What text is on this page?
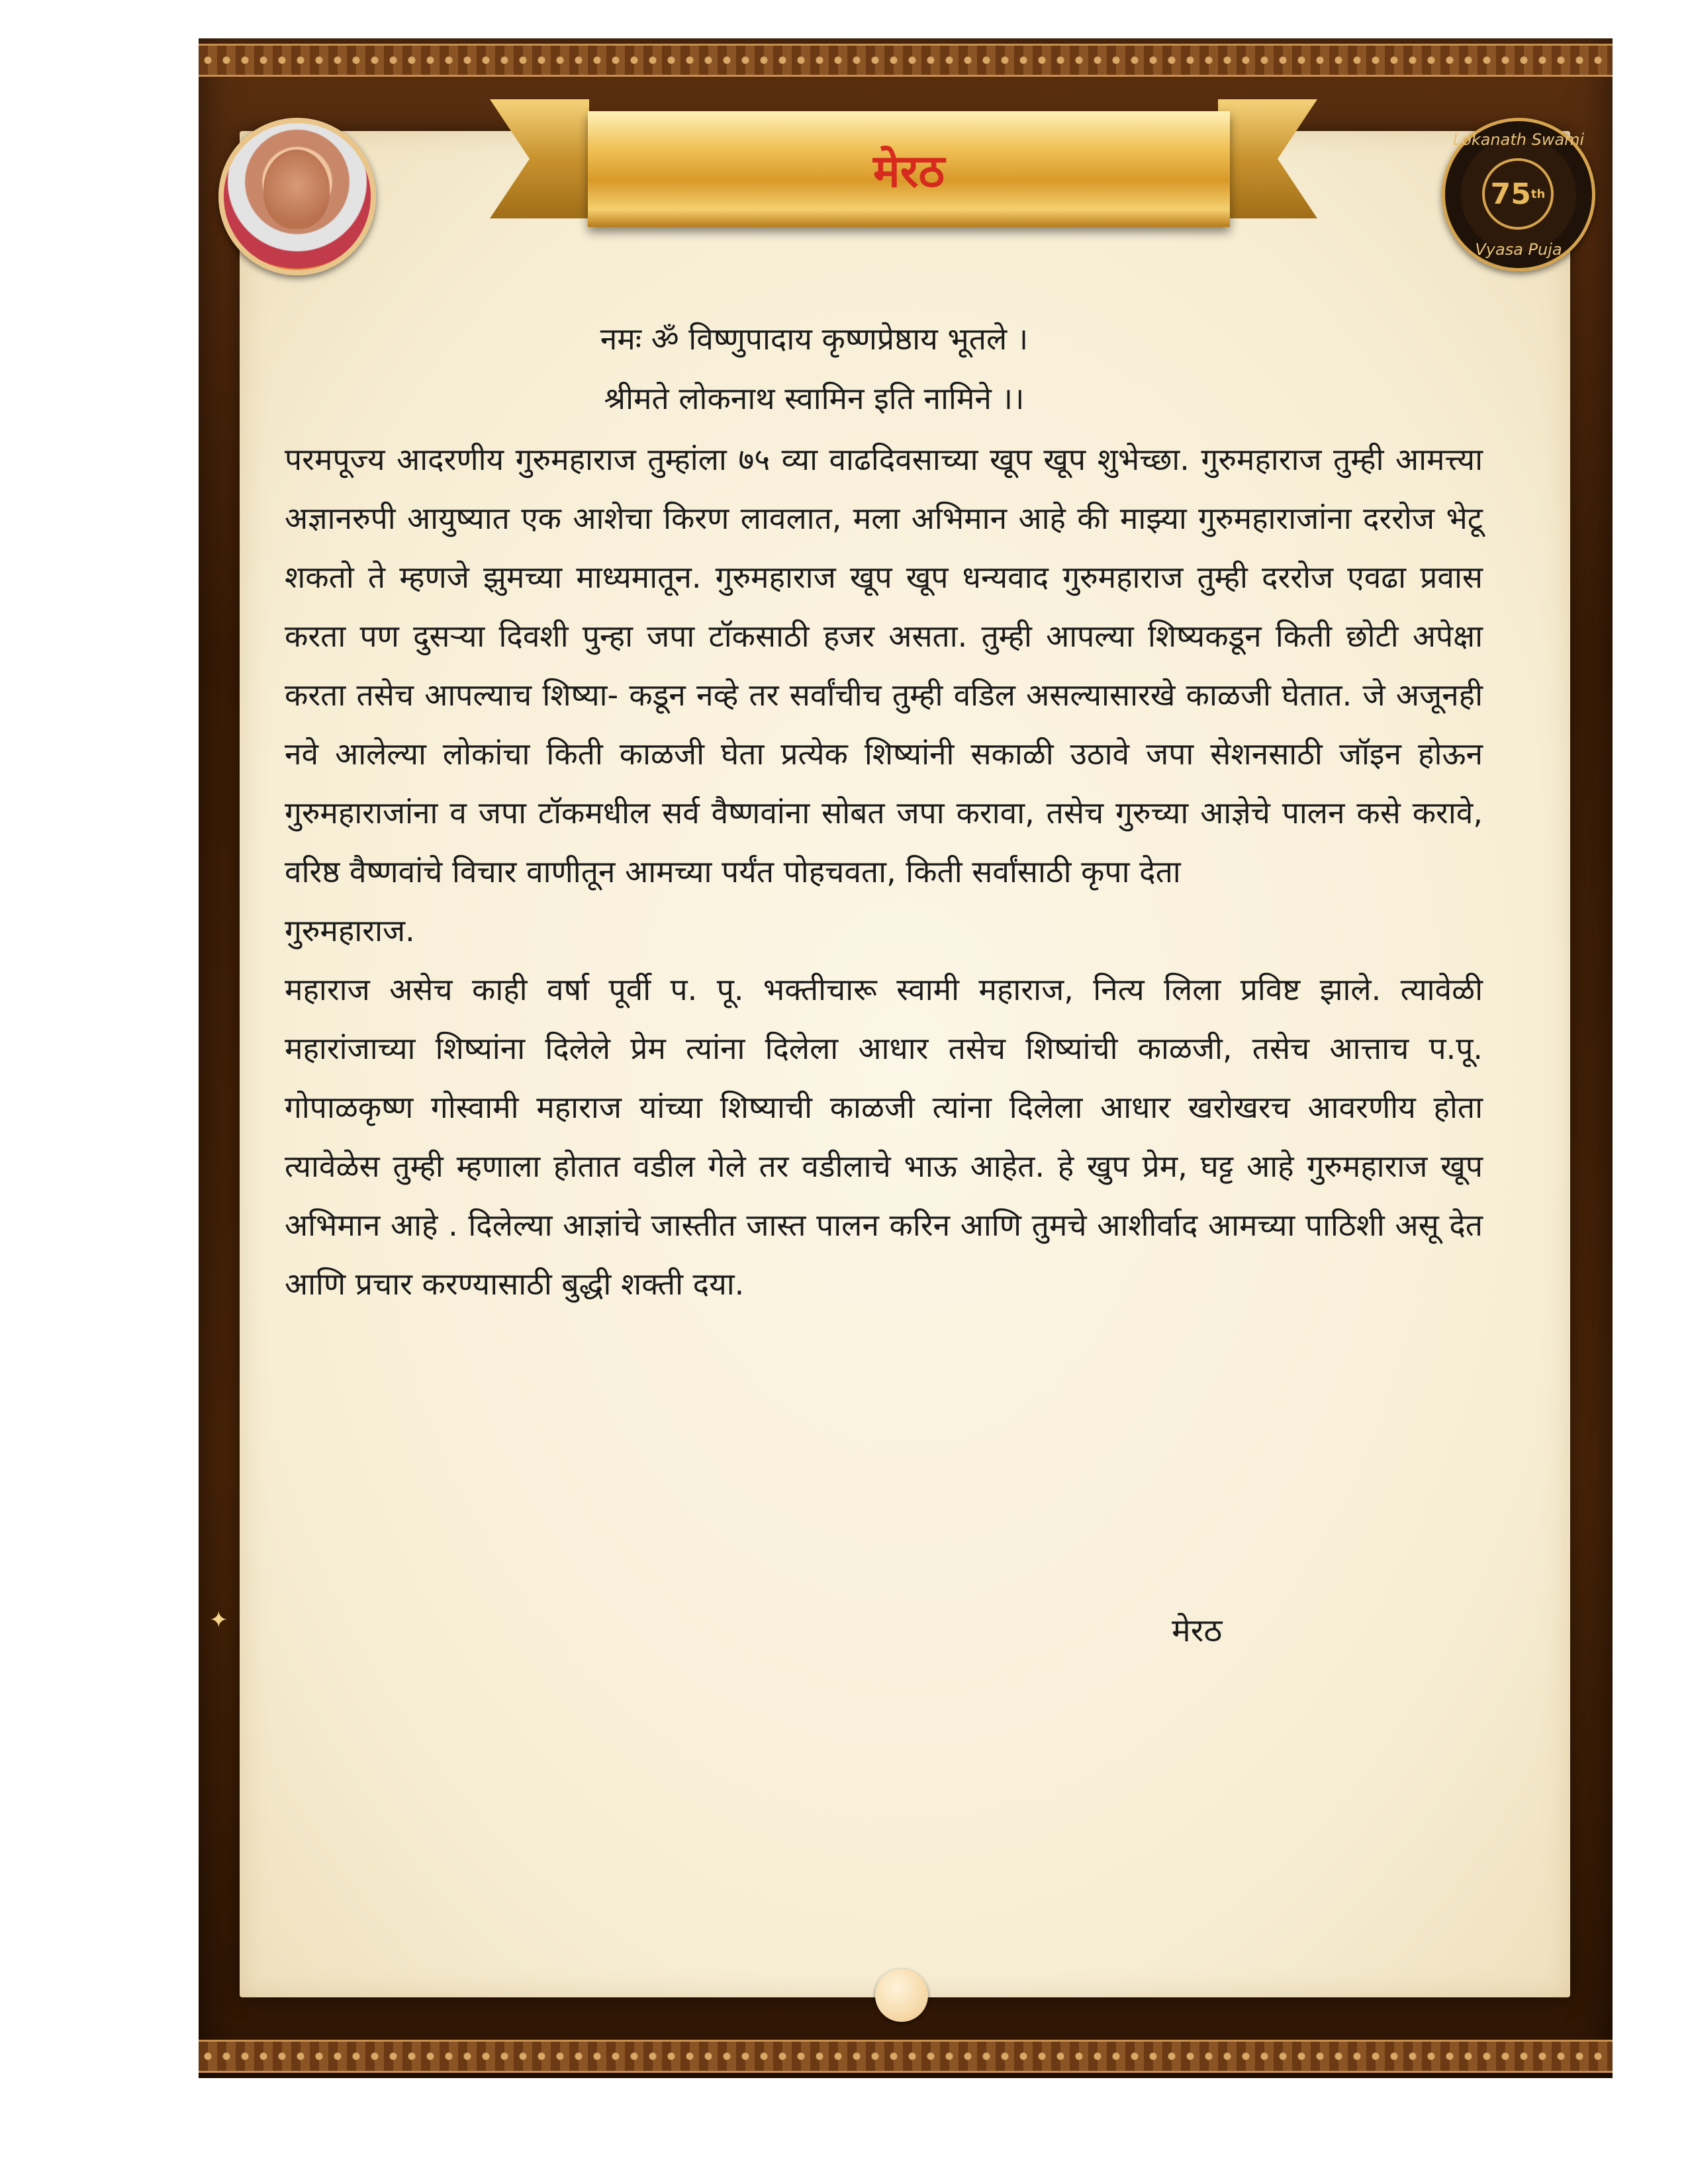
मेरठ
Lokanath Swami
75 th
Vyasa Puja
नमः ॐ विष्णुपादाय कृष्णप्रेष्ठाय भूतले ।
श्रीमते लोकनाथ स्वामिन इति नामिने ।।

परमपूज्य आदरणीय गुरुमहाराज तुम्हांला ७५ व्या वाढदिवसाच्या खूप खूप शुभेच्छा. गुरुमहाराज तुम्ही आमत्त्या अज्ञानरुपी आयुष्यात एक आशेचा किरण लावलात, मला अभिमान आहे की माझ्या गुरुमहाराजांना दररोज भेटू शकतो ते म्हणजे झुमच्या माध्यमातून. गुरुमहाराज खूप खूप धन्यवाद गुरुमहाराज तुम्ही दररोज एवढा प्रवास करता पण दुसऱ्या दिवशी पुन्हा जपा टॉकसाठी हजर असता. तुम्ही आपल्या शिष्यकडून किती छोटी अपेक्षा करता तसेच आपल्याच शिष्या- कडून नव्हे तर सर्वांचीच तुम्ही वडिल असल्यासारखे काळजी घेतात. जे अजूनही नवे आलेल्या लोकांचा किती काळजी घेता प्रत्येक शिष्यांनी सकाळी उठावे जपा सेशनसाठी जॉइन होऊन गुरुमहाराजांना व जपा टॉकमधील सर्व वैष्णवांना सोबत जपा करावा, तसेच गुरुच्या आज्ञेचे पालन कसे करावे, वरिष्ठ वैष्णवांचे विचार वाणीतून आमच्या पर्यंत पोहचवता, किती सर्वांसाठी कृपा देता

गुरुमहाराज.

महाराज असेच काही वर्षा पूर्वी प. पू. भक्तीचारू स्वामी महाराज, नित्य लिला प्रविष्ट झाले. त्यावेळी महारांजाच्या शिष्यांना दिलेले प्रेम त्यांना दिलेला आधार तसेच शिष्यांची काळजी, तसेच आत्ताच प.पू. गोपाळकृष्ण गोस्वामी महाराज यांच्या शिष्याची काळजी त्यांना दिलेला आधार खरोखरच आवरणीय होता त्यावेळेस तुम्ही म्हणाला होतात वडील गेले तर वडीलाचे भाऊ आहेत. हे खुप प्रेम, घट्ट आहे गुरुमहाराज खूप अभिमान आहे . दिलेल्या आज्ञांचे जास्तीत जास्त पालन करिन आणि तुमचे आशीर्वाद आमच्या पाठिशी असू देत आणि प्रचार करण्यासाठी बुद्धी शक्ती दया.

मेरठ
✦
